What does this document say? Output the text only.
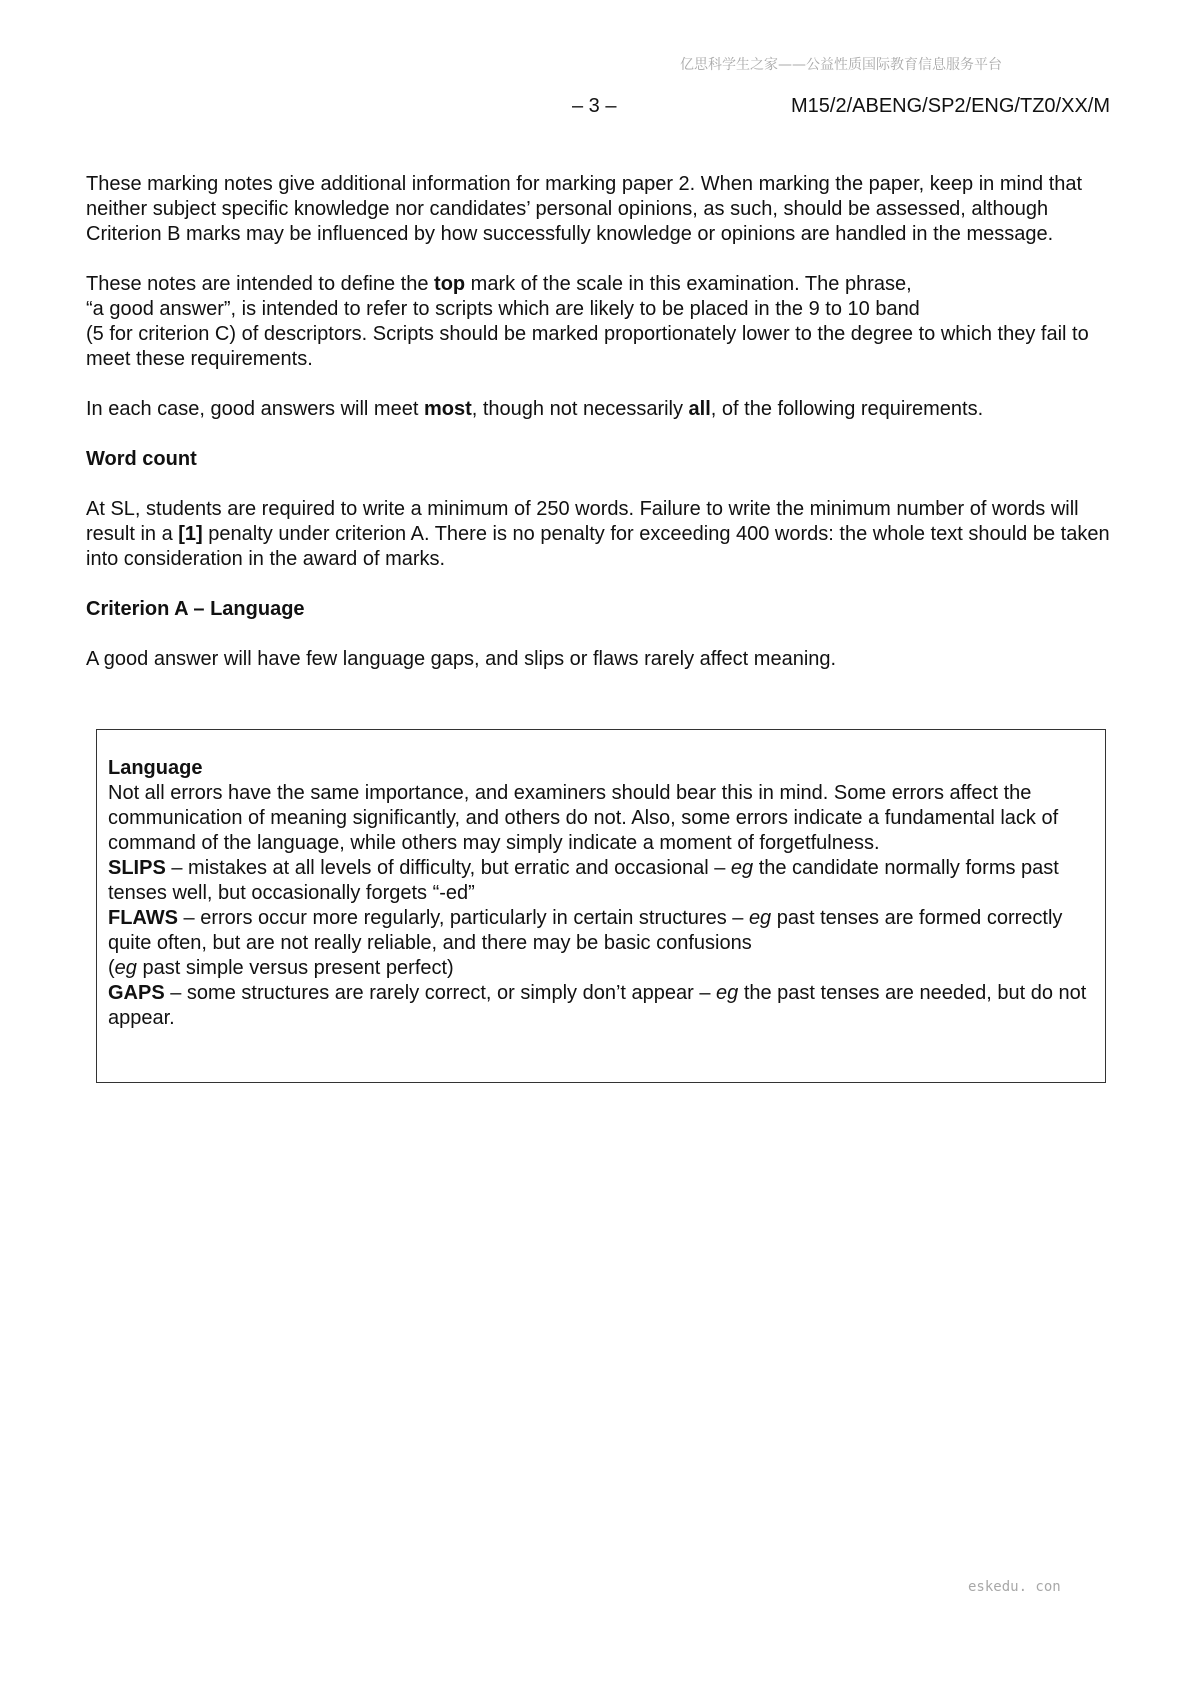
亿思科学生之家——公益性质国际教育信息服务平台
– 3 –	M15/2/ABENG/SP2/ENG/TZ0/XX/M

These marking notes give additional information for marking paper 2. When marking the paper, keep in mind that neither subject specific knowledge nor candidates’ personal opinions, as such, should be assessed, although Criterion B marks may be influenced by how successfully knowledge or opinions are handled in the message.

These notes are intended to define the top mark of the scale in this examination. The phrase,
“a good answer”, is intended to refer to scripts which are likely to be placed in the 9 to 10 band
(5 for criterion C) of descriptors. Scripts should be marked proportionately lower to the degree to which they fail to meet these requirements.

In each case, good answers will meet most, though not necessarily all, of the following requirements.

Word count

At SL, students are required to write a minimum of 250 words. Failure to write the minimum number of words will result in a [1] penalty under criterion A. There is no penalty for exceeding 400 words: the whole text should be taken into consideration in the award of marks.

Criterion A – Language

A good answer will have few language gaps, and slips or flaws rarely affect meaning.

Language

Not all errors have the same importance, and examiners should bear this in mind. Some errors affect the communication of meaning significantly, and others do not. Also, some errors indicate a fundamental lack of command of the language, while others may simply indicate a moment of forgetfulness.

SLIPS – mistakes at all levels of difficulty, but erratic and occasional – eg the candidate normally forms past tenses well, but occasionally forgets “-ed”

FLAWS – errors occur more regularly, particularly in certain structures – eg past tenses are formed correctly quite often, but are not really reliable, and there may be basic confusions
(eg past simple versus present perfect)

GAPS – some structures are rarely correct, or simply don’t appear – eg the past tenses are needed, but do not appear.

eskedu. con
